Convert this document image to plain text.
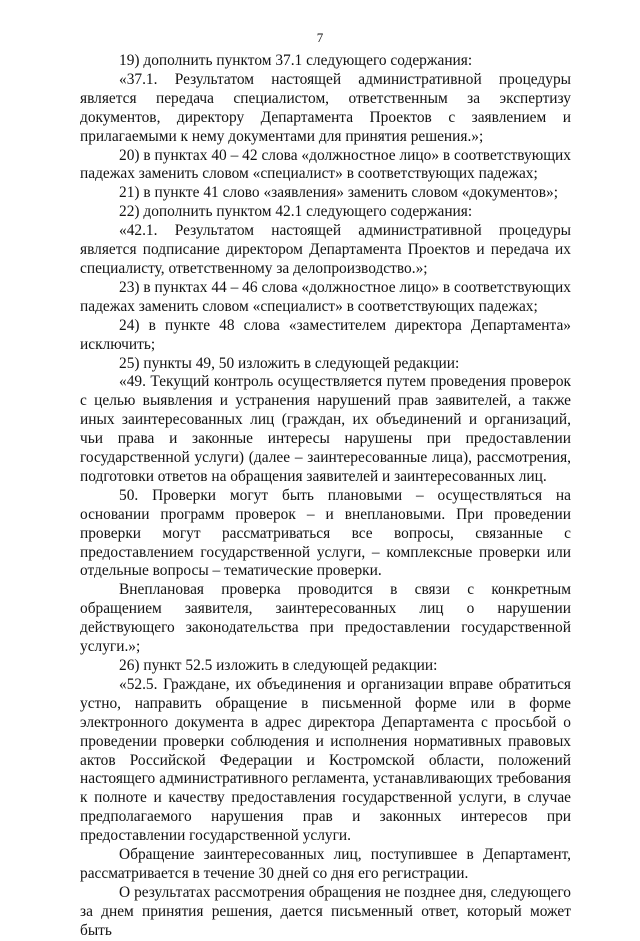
7

19) дополнить пунктом 37.1 следующего содержания:

«37.1. Результатом настоящей административной процедуры является передача специалистом, ответственным за экспертизу документов, директору Департамента Проектов с заявлением и прилагаемыми к нему документами для принятия решения.»;

20) в пунктах 40 – 42 слова «должностное лицо» в соответствующих падежах заменить словом «специалист» в соответствующих падежах;

21) в пункте 41 слово «заявления» заменить словом «документов»;

22) дополнить пунктом 42.1 следующего содержания:

«42.1. Результатом настоящей административной процедуры является подписание директором Департамента Проектов и передача их специалисту, ответственному за делопроизводство.»;

23) в пунктах 44 – 46 слова «должностное лицо» в соответствующих падежах заменить словом «специалист» в соответствующих падежах;

24) в пункте 48 слова «заместителем директора Департамента» исключить;

25) пункты 49, 50 изложить в следующей редакции:

«49. Текущий контроль осуществляется путем проведения проверок с целью выявления и устранения нарушений прав заявителей, а также иных заинтересованных лиц (граждан, их объединений и организаций, чьи права и законные интересы нарушены при предоставлении государственной услуги) (далее – заинтересованные лица), рассмотрения, подготовки ответов на обращения заявителей и заинтересованных лиц.

50. Проверки могут быть плановыми – осуществляться на основании программ проверок – и внеплановыми. При проведении проверки могут рассматриваться все вопросы, связанные с предоставлением государственной услуги, – комплексные проверки или отдельные вопросы – тематические проверки.

Внеплановая проверка проводится в связи с конкретным обращением заявителя, заинтересованных лиц о нарушении действующего законодательства при предоставлении государственной услуги.»;

26) пункт 52.5 изложить в следующей редакции:

«52.5. Граждане, их объединения и организации вправе обратиться устно, направить обращение в письменной форме или в форме электронного документа в адрес директора Департамента с просьбой о проведении проверки соблюдения и исполнения нормативных правовых актов Российской Федерации и Костромской области, положений настоящего административного регламента, устанавливающих требования к полноте и качеству предоставления государственной услуги, в случае предполагаемого нарушения прав и законных интересов при предоставлении государственной услуги.

Обращение заинтересованных лиц, поступившее в Департамент, рассматривается в течение 30 дней со дня его регистрации.

О результатах рассмотрения обращения не позднее дня, следующего за днем принятия решения, дается письменный ответ, который может быть
